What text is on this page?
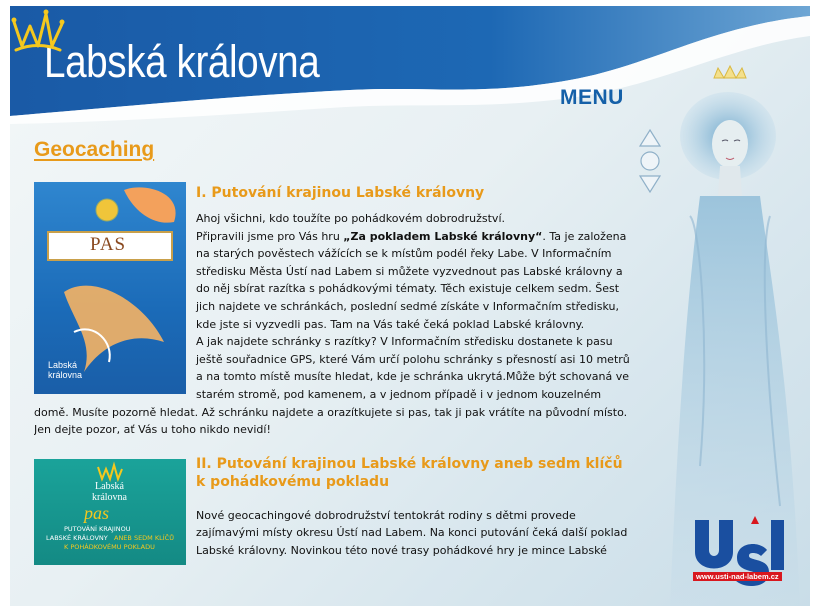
Labská královna
MENU
Geocaching
PAS
Labská
královna
I. Putování krajinou Labské královny
Ahoj všichni, kdo toužíte po pohádkovém dobrodružství.
Připravili jsme pro Vás hru „Za pokladem Labské královny“. Ta je založena na starých pověstech vážících se k místům podél řeky Labe. V Informačním středisku Města Ústí nad Labem si můžete vyzvednout pas Labské královny a do něj sbírat razítka s pohádkovými tématy. Těch existuje celkem sedm. Šest jich najdete ve schránkách, poslední sedmé získáte v Informačním středisku, kde jste si vyzvedli pas. Tam na Vás také čeká poklad Labské královny.
A jak najdete schránky s razítky? V Informačním středisku dostanete k pasu ještě souřadnice GPS, které Vám určí polohu schránky s přesností asi 10 metrů a na tomto místě musíte hledat, kde je schránka ukrytá.Může být schovaná ve starém stromě, pod kamenem, a v jednom případě i v jednom kouzelném domě. Musíte pozorně hledat. Až schránku najdete a orazítkujete si pas, tak ji pak vrátíte na původní místo. Jen dejte pozor, ať Vás u toho nikdo nevidí!
Labská
královna
pas
PUTOVÁNÍ KRAJINOU
LABSKÉ KRÁLOVNY ANEB SEDM KLÍČŮ
K POHÁDKOVÉMU POKLADU
II. Putování krajinou Labské královny aneb sedm klíčů k pohádkovému pokladu
Nové geocachingové dobrodružství tentokrát rodiny s dětmi provede zajímavými místy okresu Ústí nad Labem. Na konci putování čeká další poklad Labské královny. Novinkou této nové trasy pohádkové hry je mince Labské
www.usti-nad-labem.cz
